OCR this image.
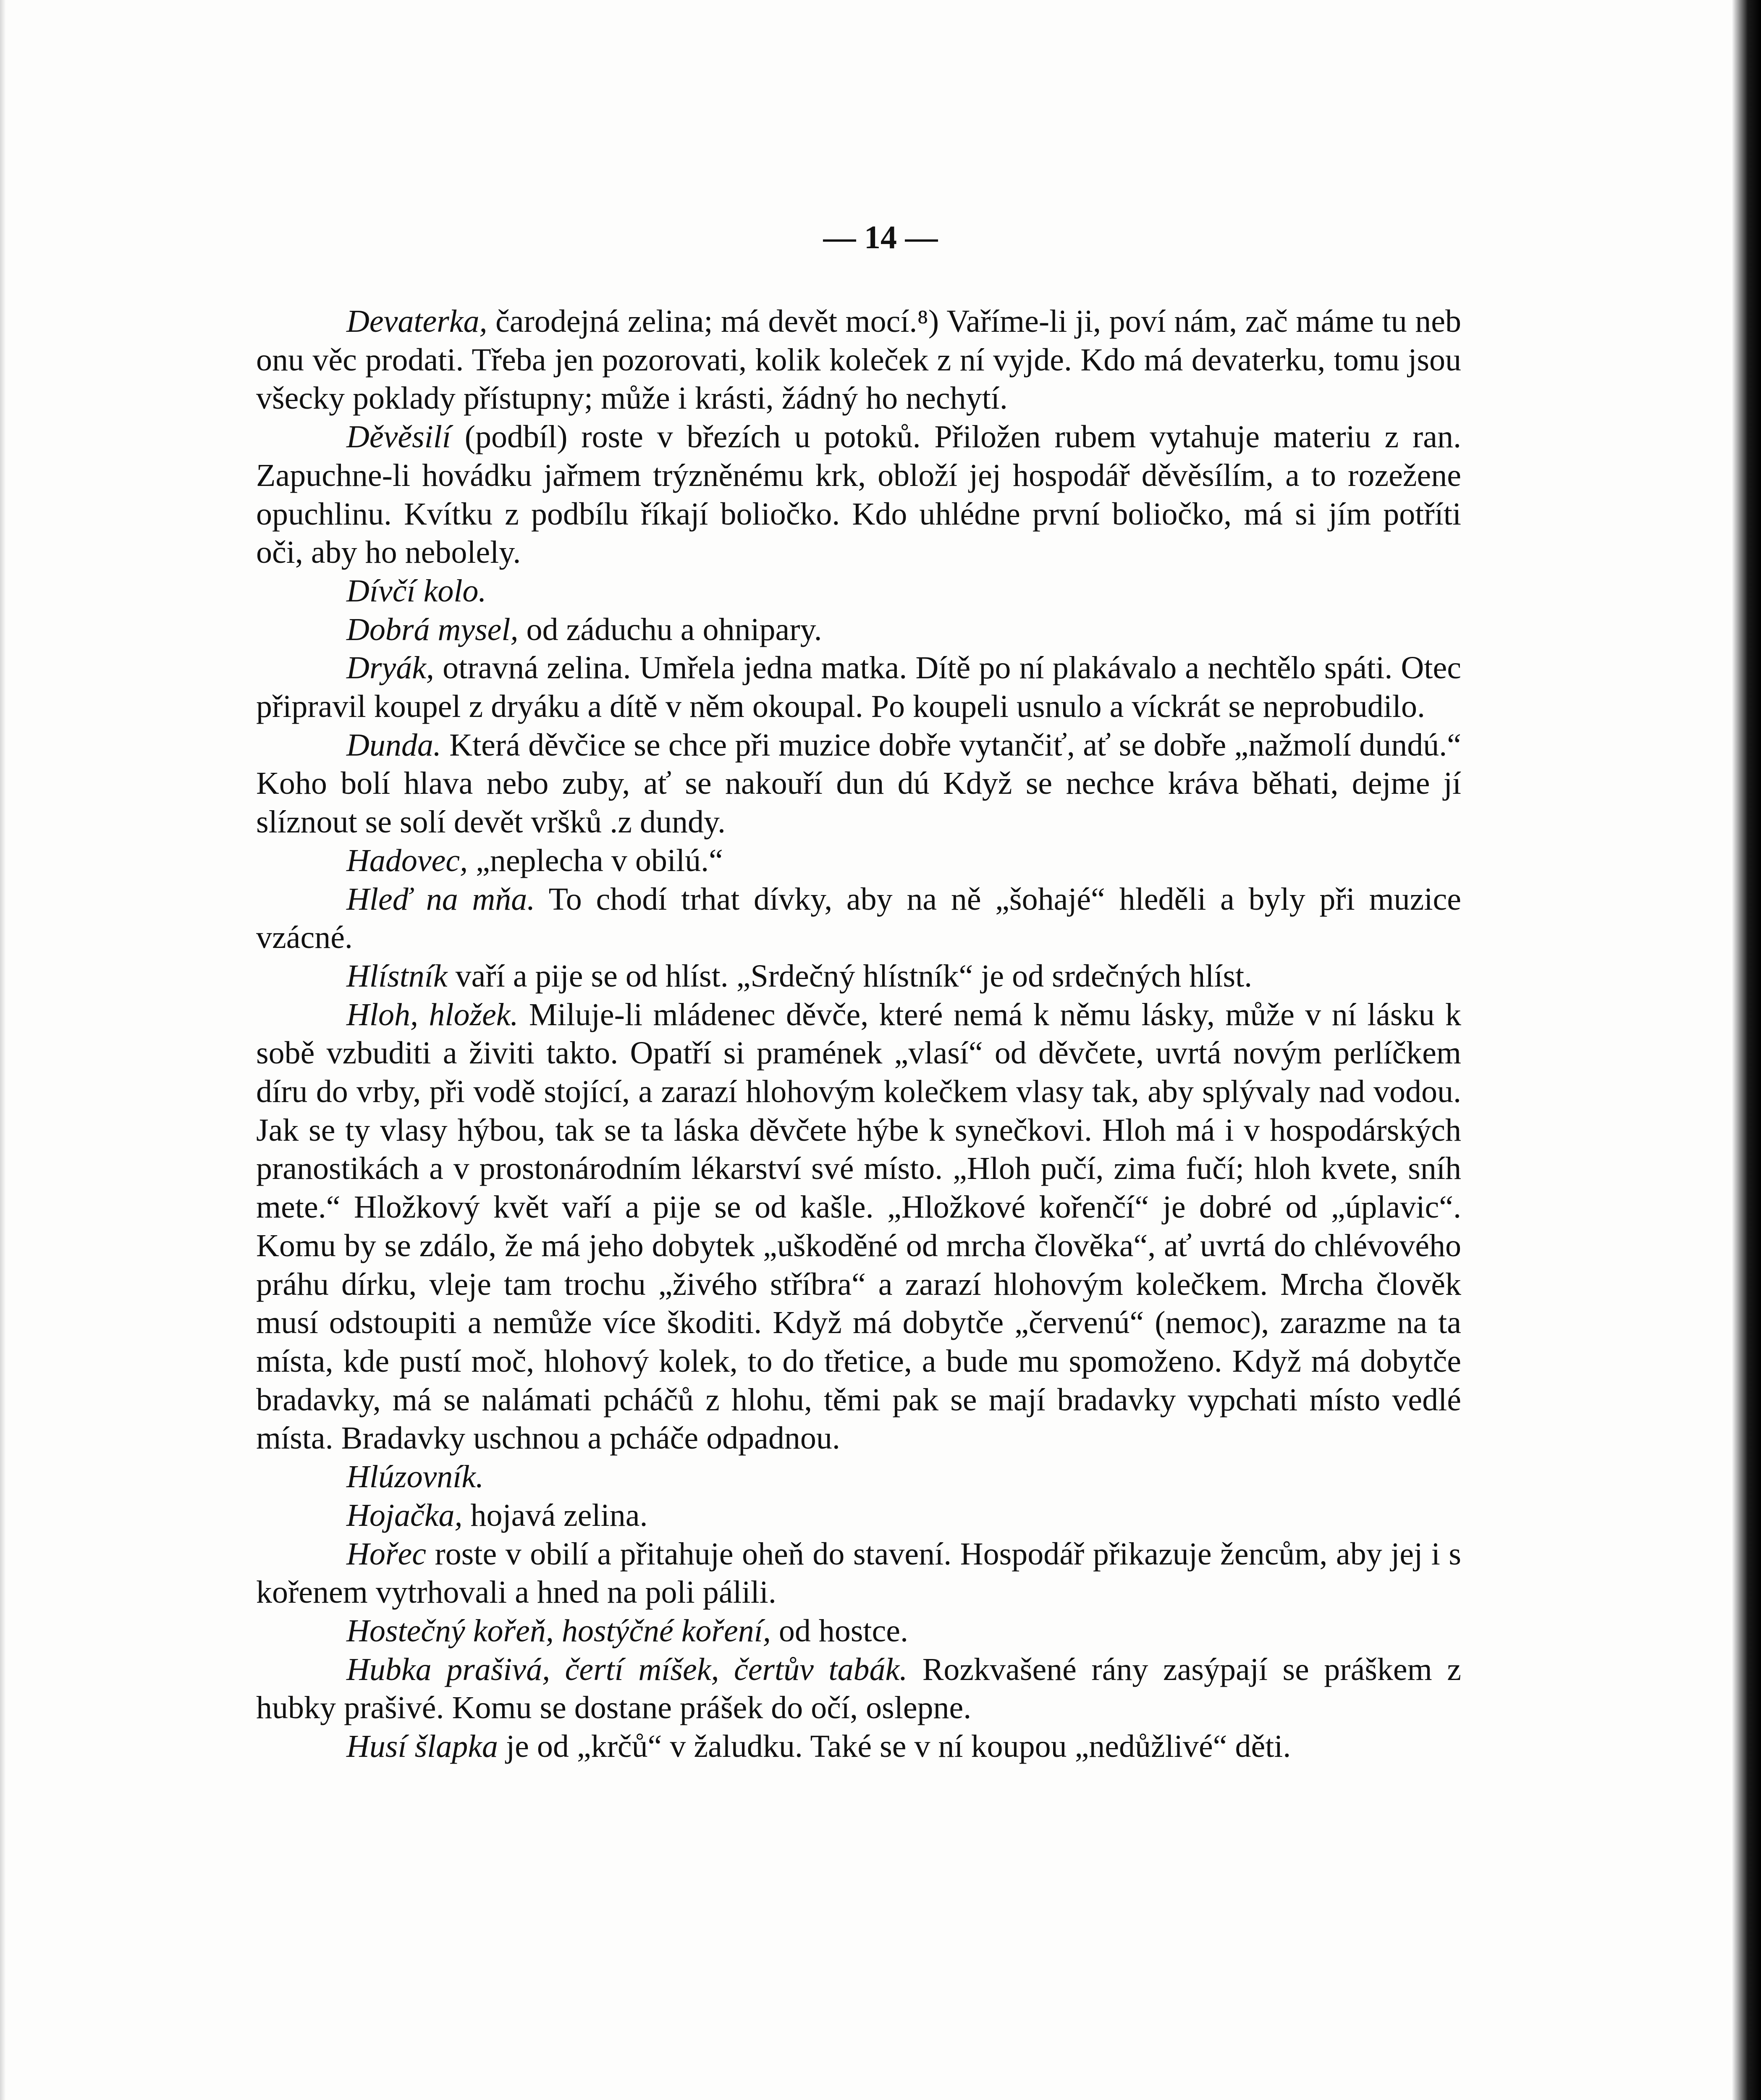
— 14 —

Devaterka, čarodejná zelina; má devět mocí.⁸) Vaříme-li ji, poví nám, zač máme tu neb onu věc prodati. Třeba jen pozorovati, kolik koleček z ní vyjde. Kdo má devaterku, tomu jsou všecky poklady přístupny; může i krásti, žádný ho nechytí.

Děvěsilí (podbíl) roste v březích u potoků. Přiložen rubem vytahuje materiu z ran. Zapuchne-li hovádku jařmem trýzněnému krk, obloží jej hospodář děvěsílím, a to rozežene opuchlinu. Kvítku z podbílu říkají boliočko. Kdo uhlédne první boliočko, má si jím potříti oči, aby ho nebolely.

Dívčí kolo.

Dobrá mysel, od záduchu a ohnipary.

Dryák, otravná zelina. Umřela jedna matka. Dítě po ní plakávalo a nechtělo spáti. Otec připravil koupel z dryáku a dítě v něm okoupal. Po koupeli usnulo a víckrát se neprobudilo.

Dunda. Která děvčice se chce při muzice dobře vytančiť, ať se dobře „nažmolí dundú.“ Koho bolí hlava nebo zuby, ať se nakouří dun dú Když se nechce kráva běhati, dejme jí slíznout se solí devět vršků .z dundy.

Hadovec, „neplecha v obilú.“

Hleď na mňa. To chodí trhat dívky, aby na ně „šohajé“ hleděli a byly při muzice vzácné.

Hlístník vaří a pije se od hlíst. „Srdečný hlístník“ je od srdečných hlíst.

Hloh, hložek. Miluje-li mládenec děvče, které nemá k němu lásky, může v ní lásku k sobě vzbuditi a živiti takto. Opatří si pramének „vlasí“ od děvčete, uvrtá novým perlíčkem díru do vrby, při vodě stojící, a zarazí hlohovým kolečkem vlasy tak, aby splývaly nad vodou. Jak se ty vlasy hýbou, tak se ta láska děvčete hýbe k synečkovi. Hloh má i v hospodárských pranostikách a v prostonárodním lékarství své místo. „Hloh pučí, zima fučí; hloh kvete, sníh mete.“ Hložkový květ vaří a pije se od kašle. „Hložkové kořenčí“ je dobré od „úplavic“. Komu by se zdálo, že má jeho dobytek „uškoděné od mrcha člověka“, ať uvrtá do chlévového práhu dírku, vleje tam trochu „živého stříbra“ a zarazí hlohovým kolečkem. Mrcha člověk musí odstoupiti a nemůže více škoditi. Když má dobytče „červenú“ (nemoc), zarazme na ta místa, kde pustí moč, hlohový kolek, to do třetice, a bude mu spomoženo. Když má dobytče bradavky, má se nalámati pcháčů z hlohu, těmi pak se mají bradavky vypchati místo vedlé místa. Bradavky uschnou a pcháče odpadnou.

Hlúzovník.

Hojačka, hojavá zelina.

Hořec roste v obilí a přitahuje oheň do stavení. Hospodář přikazuje žencům, aby jej i s kořenem vytrhovali a hned na poli pálili.

Hostečný kořeň, hostýčné koření, od hostce.

Hubka prašivá, čertí míšek, čertův tabák. Rozkvašené rány zasýpají se práškem z hubky prašivé. Komu se dostane prášek do očí, oslepne.

Husí šlapka je od „krčů“ v žaludku. Také se v ní koupou „nedůžlivé“ děti.
